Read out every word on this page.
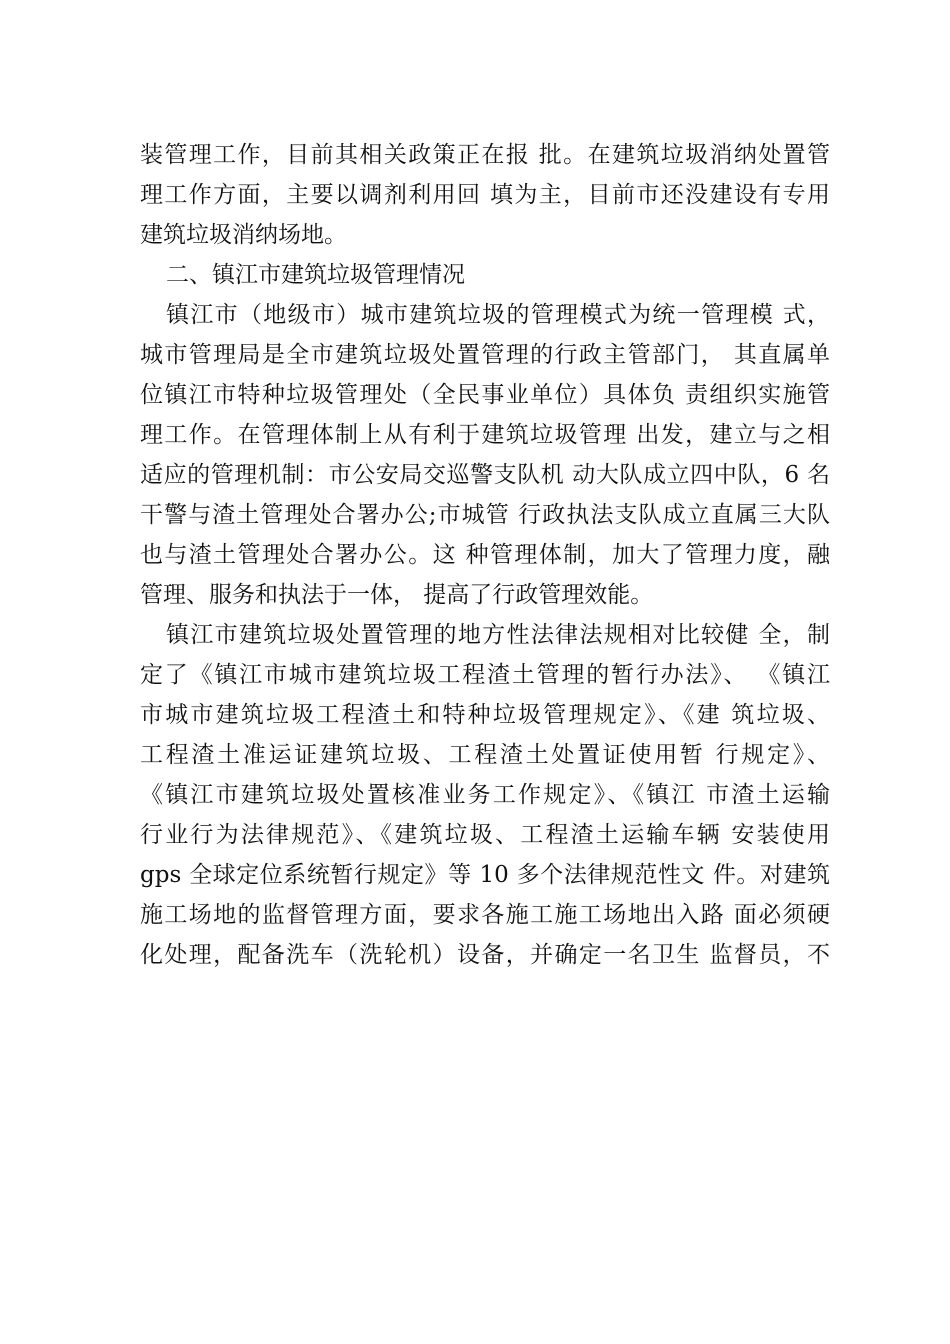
装管理工作，目前其相关政策正在报 批。在建筑垃圾消纳处置管
理工作方面，主要以调剂利用回 填为主，目前市还没建设有专用
建筑垃圾消纳场地。
二、镇江市建筑垃圾管理情况
镇江市（地级市）城市建筑垃圾的管理模式为统一管理模 式，
城市管理局是全市建筑垃圾处置管理的行政主管部门， 其直属单
位镇江市特种垃圾管理处（全民事业单位）具体负 责组织实施管
理工作。在管理体制上从有利于建筑垃圾管理 出发，建立与之相
适应的管理机制：市公安局交巡警支队机 动大队成立四中队，6 名
干警与渣土管理处合署办公;市城管 行政执法支队成立直属三大队
也与渣土管理处合署办公。这 种管理体制，加大了管理力度，融
管理、服务和执法于一体， 提高了行政管理效能。
镇江市建筑垃圾处置管理的地方性法律法规相对比较健 全，制
定了《镇江市城市建筑垃圾工程渣土管理的暂行办法》、 《镇江
市城市建筑垃圾工程渣土和特种垃圾管理规定》、《建 筑垃圾、
工程渣土准运证建筑垃圾、工程渣土处置证使用暂 行规定》、
《镇江市建筑垃圾处置核准业务工作规定》、《镇江 市渣土运输
行业行为法律规范》、《建筑垃圾、工程渣土运输车辆 安装使用
gps 全球定位系统暂行规定》等 10 多个法律规范性文 件。对建筑
施工场地的监督管理方面，要求各施工施工场地出入路 面必须硬
化处理，配备洗车（洗轮机）设备，并确定一名卫生 监督员，不
